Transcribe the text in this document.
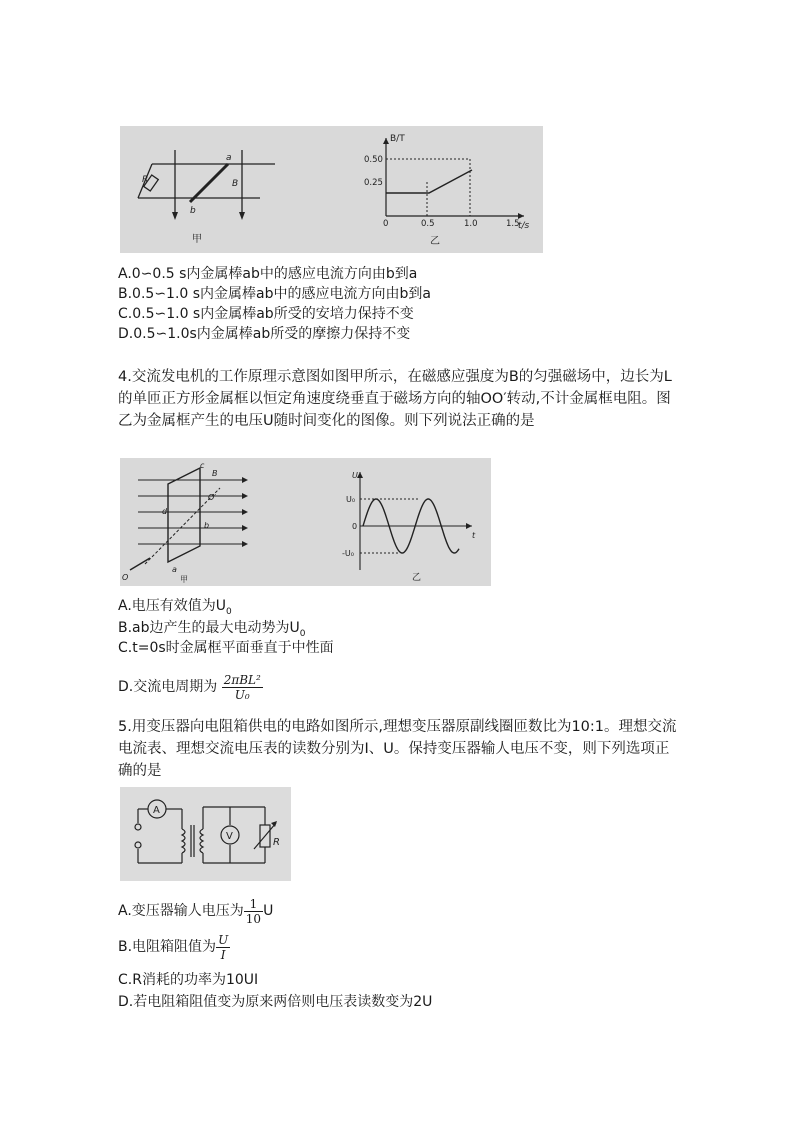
R
a
b
B
甲
B/T
t/s
0.50
0.25
0	0.5	1.0	1.5
乙
A.0∽0.5 s内金属棒ab中的感应电流方向由b到a
B.0.5∽1.0 s内金属棒ab中的感应电流方向由b到a
C.0.5∽1.0 s内金属棒ab所受的安培力保持不变
D.0.5∽1.0s内金属棒ab所受的摩擦力保持不变
4.交流发电机的工作原理示意图如图甲所示，在磁感应强度为B的匀强磁场中，边长为L的单匝正方形金属框以恒定角速度绕垂直于磁场方向的轴OO′转动,不计金属框电阻。图乙为金属框产生的电压U随时间变化的图像。则下列说法正确的是
B
c
O′
d
b
a
O	甲
U
t
U₀
0
-U₀
乙
A.电压有效值为$U_0$
B.ab边产生的最大电动势为$U_0$
C.t=0s时金属框平面垂直于中性面
D.交流电周期为 $\frac{\text{2πBL²}}{\text{U₀}}$
5.用变压器向电阻箱供电的电路如图所示,理想变压器原副线圈匝数比为10:1。理想交流电流表、理想交流电压表的读数分别为I、U。保持变压器输人电压不变，则下列选项正确的是
A
V
R
A.变压器输人电压为 $\frac{1}{10}$ U
B.电阻箱阻值为 $\frac{U}{I}$
C.R消耗的功率为10UI
D.若电阻箱阻值变为原来两倍则电压表读数变为2U
